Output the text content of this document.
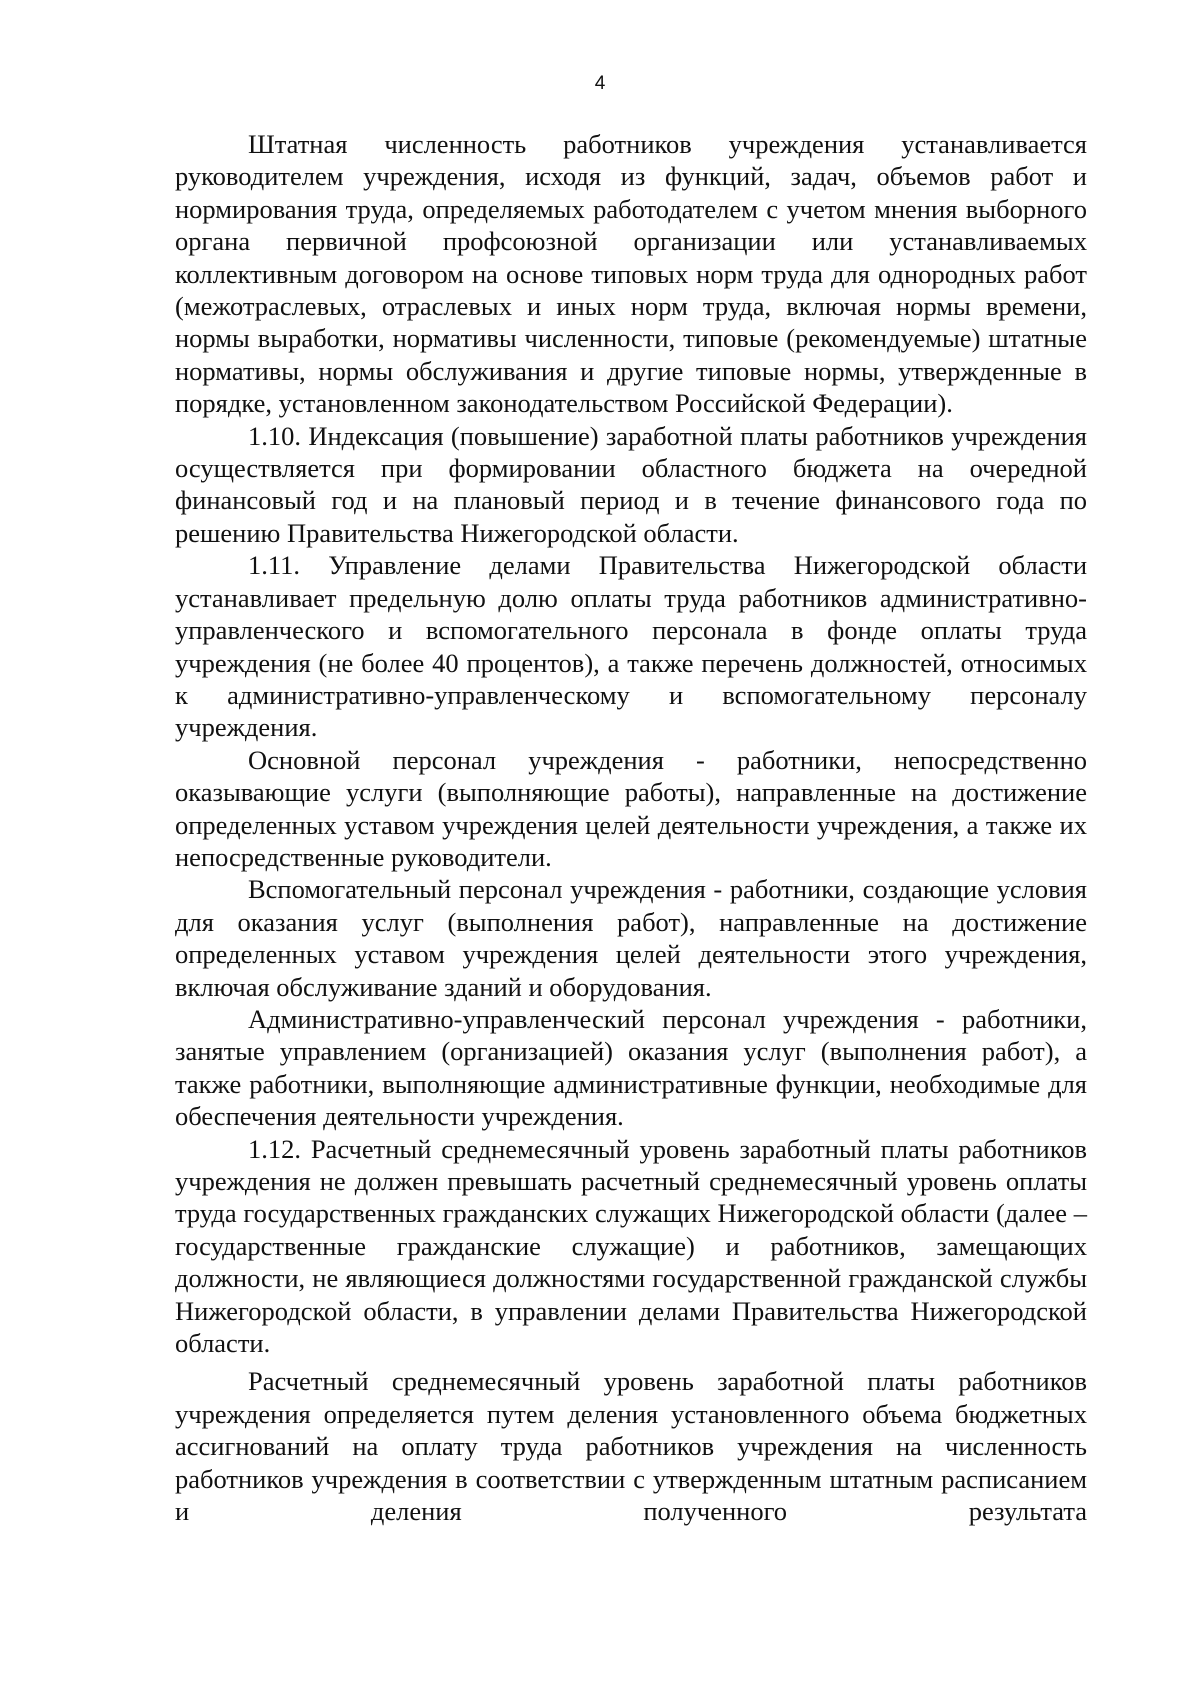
4

Штатная численность работников учреждения устанавливается руководителем учреждения, исходя из функций, задач, объемов работ и нормирования труда, определяемых работодателем с учетом мнения выборного органа первичной профсоюзной организации или устанавливаемых коллективным договором на основе типовых норм труда для однородных работ (межотраслевых, отраслевых и иных норм труда, включая нормы времени, нормы выработки, нормативы численности, типовые (рекомендуемые) штатные нормативы, нормы обслуживания и другие типовые нормы, утвержденные в порядке, установленном законодательством Российской Федерации).

1.10. Индексация (повышение) заработной платы работников учреждения осуществляется при формировании областного бюджета на очередной финансовый год и на плановый период и в течение финансового года по решению Правительства Нижегородской области.

1.11. Управление делами Правительства Нижегородской области устанавливает предельную долю оплаты труда работников административно-управленческого и вспомогательного персонала в фонде оплаты труда учреждения (не более 40 процентов), а также перечень должностей, относимых к административно-управленческому и вспомогательному персоналу учреждения.

Основной персонал учреждения - работники, непосредственно оказывающие услуги (выполняющие работы), направленные на достижение определенных уставом учреждения целей деятельности учреждения, а также их непосредственные руководители.

Вспомогательный персонал учреждения - работники, создающие условия для оказания услуг (выполнения работ), направленные на достижение определенных уставом учреждения целей деятельности этого учреждения, включая обслуживание зданий и оборудования.

Административно-управленческий персонал учреждения - работники, занятые управлением (организацией) оказания услуг (выполнения работ), а также работники, выполняющие административные функции, необходимые для обеспечения деятельности учреждения.

1.12. Расчетный среднемесячный уровень заработный платы работников учреждения не должен превышать расчетный среднемесячный уровень оплаты труда государственных гражданских служащих Нижегородской области (далее – государственные гражданские служащие) и работников, замещающих должности, не являющиеся должностями государственной гражданской службы Нижегородской области, в управлении делами Правительства Нижегородской области.

Расчетный среднемесячный уровень заработной платы работников учреждения определяется путем деления установленного объема бюджетных ассигнований на оплату труда работников учреждения на численность работников учреждения в соответствии с утвержденным штатным расписанием и деления полученного результата
